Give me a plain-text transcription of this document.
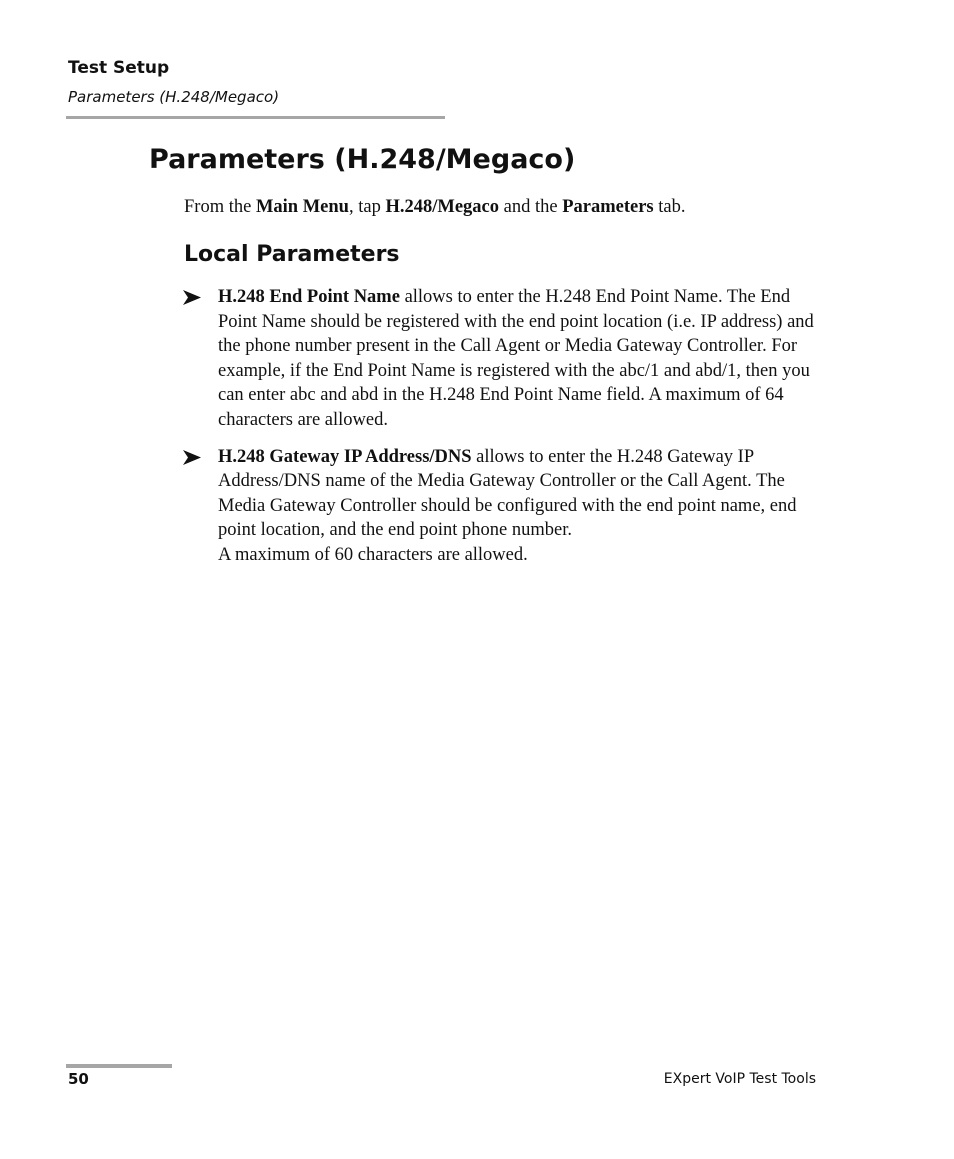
Test Setup
Parameters (H.248/Megaco)
Parameters (H.248/Megaco)
From the Main Menu, tap H.248/Megaco and the Parameters tab.
Local Parameters

H.248 End Point Name allows to enter the H.248 End Point Name. The End Point Name should be registered with the end point location (i.e. IP address) and the phone number present in the Call Agent or Media Gateway Controller. For example, if the End Point Name is registered with the abc/1 and abd/1, then you can enter abc and abd in the H.248 End Point Name field. A maximum of 64 characters are allowed.

H.248 Gateway IP Address/DNS allows to enter the H.248 Gateway IP Address/DNS name of the Media Gateway Controller or the Call Agent. The Media Gateway Controller should be configured with the end point name, end point location, and the end point phone number.

A maximum of 60 characters are allowed.

50	EXpert VoIP Test Tools
